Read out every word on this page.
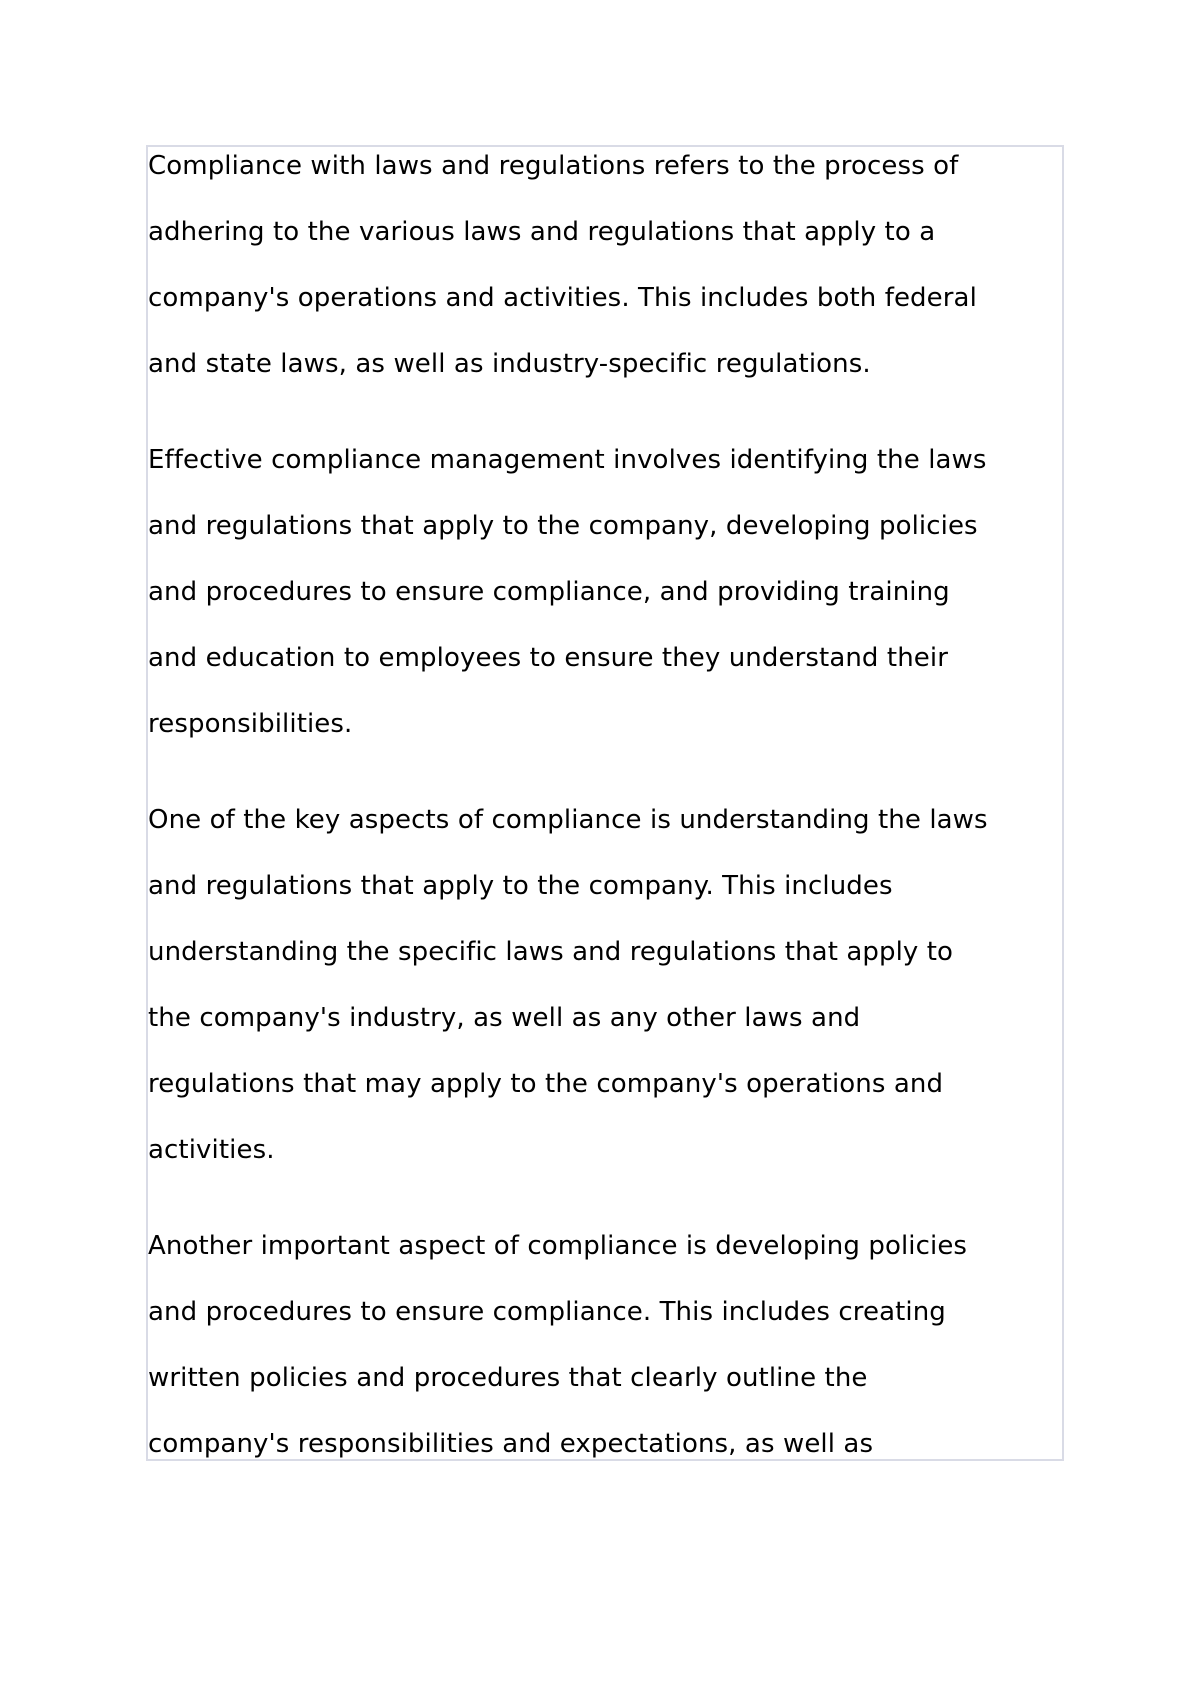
Compliance with laws and regulations refers to the process of
adhering to the various laws and regulations that apply to a
company's operations and activities. This includes both federal
and state laws, as well as industry-specific regulations.

Effective compliance management involves identifying the laws
and regulations that apply to the company, developing policies
and procedures to ensure compliance, and providing training
and education to employees to ensure they understand their
responsibilities.

One of the key aspects of compliance is understanding the laws
and regulations that apply to the company. This includes
understanding the specific laws and regulations that apply to
the company's industry, as well as any other laws and
regulations that may apply to the company's operations and
activities.

Another important aspect of compliance is developing policies
and procedures to ensure compliance. This includes creating
written policies and procedures that clearly outline the
company's responsibilities and expectations, as well as
